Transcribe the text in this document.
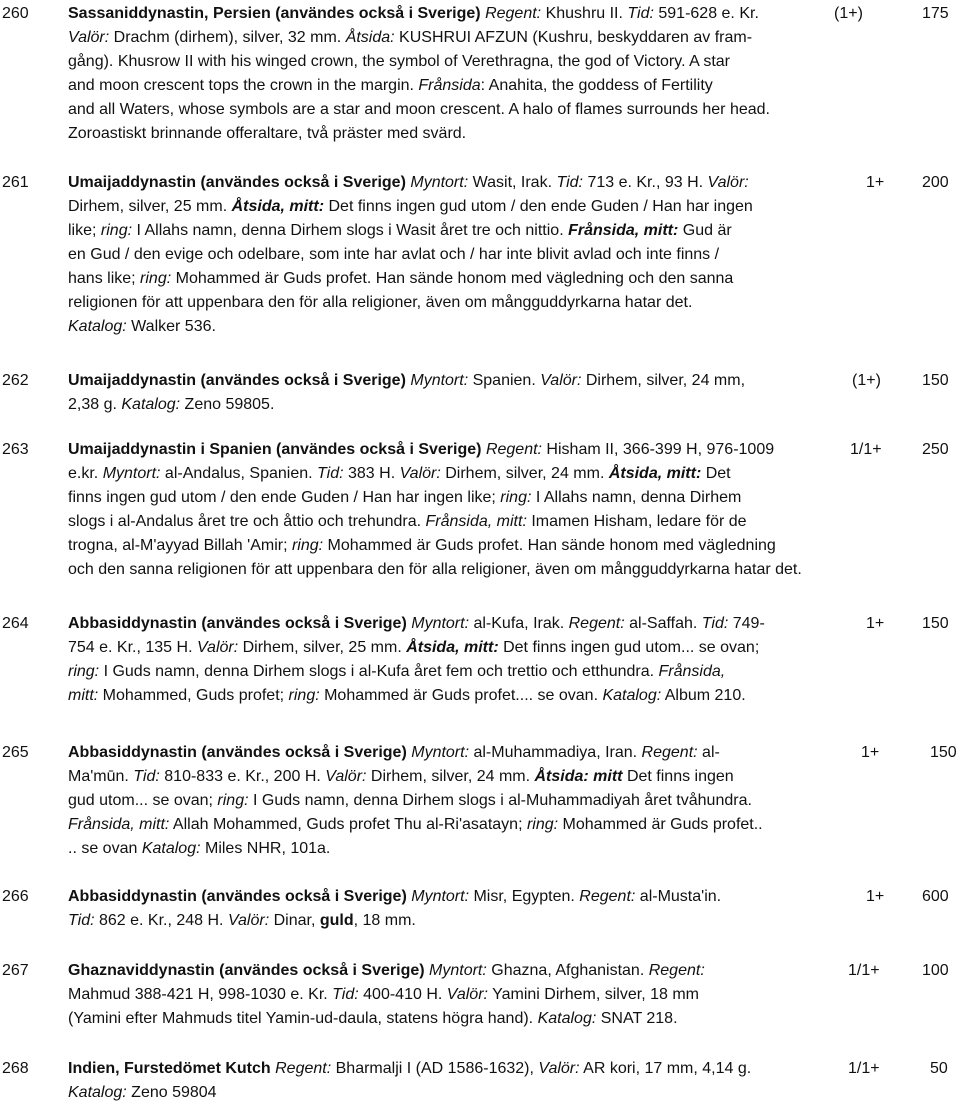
260 Sassaniddynastin, Persien (användes också i Sverige) Regent: Khushru II. Tid: 591-628 e. Kr.
Valör: Drachm (dirhem), silver, 32 mm. Åtsida: KUSHRUI AFZUN (Kushru, beskyddaren av fram-
gång). Khusrow II with his winged crown, the symbol of Verethragna, the god of Victory. A star
and moon crescent tops the crown in the margin. Frånsida: Anahita, the goddess of Fertility
and all Waters, whose symbols are a star and moon crescent. A halo of flames surrounds her head.
Zoroastiskt brinnande offeraltare, två präster med svärd.
(1+)	175
261 Umaijaddynastin (användes också i Sverige) Myntort: Wasit, Irak. Tid: 713 e. Kr., 93 H. Valör:
Dirhem, silver, 25 mm. Åtsida, mitt: Det finns ingen gud utom / den ende Guden / Han har ingen
like; ring: I Allahs namn, denna Dirhem slogs i Wasit året tre och nittio. Frånsida, mitt: Gud är
en Gud / den evige och odelbare, som inte har avlat och / har inte blivit avlad och inte finns /
hans like; ring: Mohammed är Guds profet. Han sände honom med vägledning och den sanna
religionen för att uppenbara den för alla religioner, även om mångguddyrkarna hatar det.
Katalog: Walker 536.
1+ 200
262 Umaijaddynastin (användes också i Sverige) Myntort: Spanien. Valör: Dirhem, silver, 24 mm,
2,38 g. Katalog: Zeno 59805.
(1+)	150
263 Umaijaddynastin i Spanien (användes också i Sverige) Regent: Hisham II, 366-399 H, 976-1009
e.kr. Myntort: al-Andalus, Spanien. Tid: 383 H. Valör: Dirhem, silver, 24 mm. Åtsida, mitt: Det
finns ingen gud utom / den ende Guden / Han har ingen like; ring: I Allahs namn, denna Dirhem
slogs i al-Andalus året tre och åttio och trehundra. Frånsida, mitt: Imamen Hisham, ledare för de
trogna, al-M'ayyad Billah 'Amir; ring: Mohammed är Guds profet. Han sände honom med vägledning
och den sanna religionen för att uppenbara den för alla religioner, även om mångguddyrkarna hatar det.
1/1+	250
264 Abbasiddynastin (användes också i Sverige) Myntort: al-Kufa, Irak. Regent: al-Saffah. Tid: 749-
754 e. Kr., 135 H. Valör: Dirhem, silver, 25 mm. Åtsida, mitt: Det finns ingen gud utom... se ovan;
ring: I Guds namn, denna Dirhem slogs i al-Kufa året fem och trettio och etthundra. Frånsida,
mitt: Mohammed, Guds profet; ring: Mohammed är Guds profet.... se ovan. Katalog: Album 210.
1+ 150
265 Abbasiddynastin (användes också i Sverige) Myntort: al-Muhammadiya, Iran. Regent: al-
Ma'mūn. Tid: 810-833 e. Kr., 200 H. Valör: Dirhem, silver, 24 mm. Åtsida: mitt Det finns ingen
gud utom... se ovan; ring: I Guds namn, denna Dirhem slogs i al-Muhammadiyah året tvåhundra.
Frånsida, mitt: Allah Mohammed, Guds profet Thu al-Ri'asatayn; ring: Mohammed är Guds profet..
.. se ovan Katalog: Miles NHR, 101a.
1+	150
266 Abbasiddynastin (användes också i Sverige) Myntort: Misr, Egypten. Regent: al-Musta'in.
Tid: 862 e. Kr., 248 H. Valör: Dinar, guld, 18 mm.
1+ 600
267 Ghaznaviddynastin (användes också i Sverige) Myntort: Ghazna, Afghanistan. Regent:
Mahmud 388-421 H, 998-1030 e. Kr. Tid: 400-410 H. Valör: Yamini Dirhem, silver, 18 mm
(Yamini efter Mahmuds titel Yamin-ud-daula, statens högra hand). Katalog: SNAT 218.
1/1+	100
268 Indien, Furstedömet Kutch Regent: Bharmalji I (AD 1586-1632), Valör: AR kori, 17 mm, 4,14 g.
Katalog: Zeno 59804
1/1+	50
